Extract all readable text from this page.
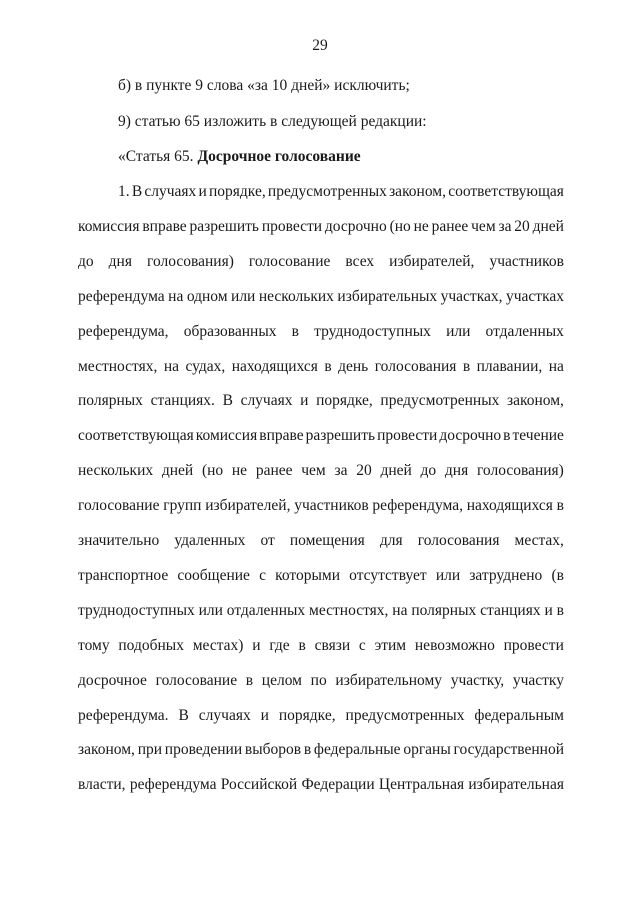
29
б) в пункте 9 слова «за 10 дней» исключить;
9) статью 65 изложить в следующей редакции:
«Статья 65. Досрочное голосование
1. В случаях и порядке, предусмотренных законом, соответствующая
комиссия вправе разрешить провести досрочно (но не ранее чем за 20 дней
до дня голосования) голосование всех избирателей, участников
референдума на одном или нескольких избирательных участках, участках
референдума, образованных в труднодоступных или отдаленных
местностях, на судах, находящихся в день голосования в плавании, на
полярных станциях. В случаях и порядке, предусмотренных законом,
соответствующая комиссия вправе разрешить провести досрочно в течение
нескольких дней (но не ранее чем за 20 дней до дня голосования)
голосование групп избирателей, участников референдума, находящихся в
значительно удаленных от помещения для голосования местах,
транспортное сообщение с которыми отсутствует или затруднено (в
труднодоступных или отдаленных местностях, на полярных станциях и в
тому подобных местах) и где в связи с этим невозможно провести
досрочное голосование в целом по избирательному участку, участку
референдума. В случаях и порядке, предусмотренных федеральным
законом, при проведении выборов в федеральные органы государственной
власти, референдума Российской Федерации Центральная избирательная
